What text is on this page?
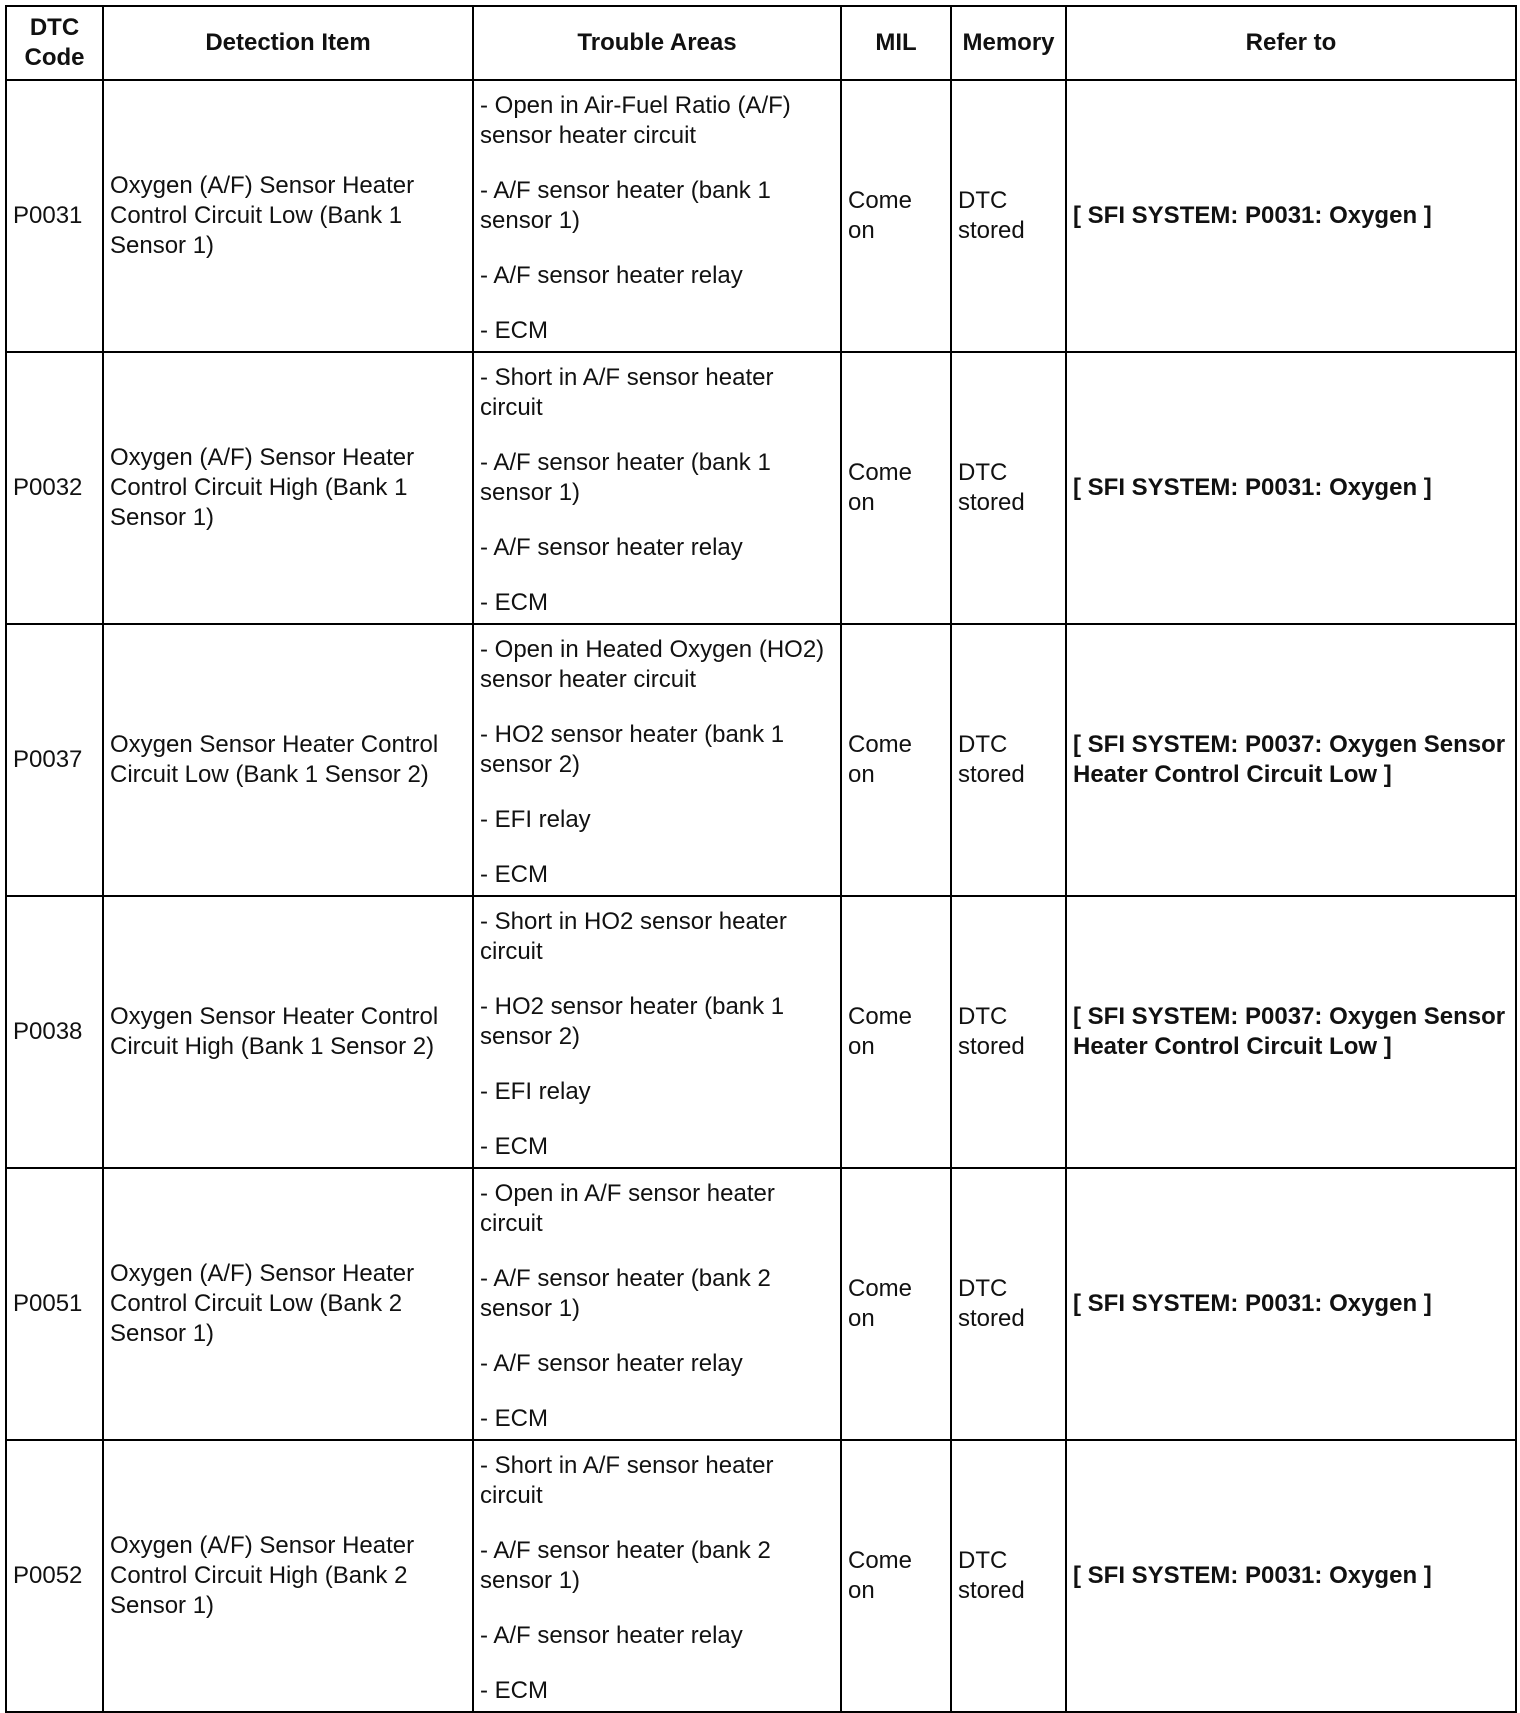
DTC Code	Detection Item	Trouble Areas	MIL	Memory	Refer to
P0031	Oxygen (A/F) Sensor Heater Control Circuit Low (Bank 1 Sensor 1)	- Open in Air-Fuel Ratio (A/F) sensor heater circuit
- A/F sensor heater (bank 1 sensor 1)
- A/F sensor heater relay
- ECM	Come on	DTC stored	[ SFI SYSTEM: P0031: Oxygen ]
P0032	Oxygen (A/F) Sensor Heater Control Circuit High (Bank 1 Sensor 1)	- Short in A/F sensor heater circuit
- A/F sensor heater (bank 1 sensor 1)
- A/F sensor heater relay
- ECM	Come on	DTC stored	[ SFI SYSTEM: P0031: Oxygen ]
P0037	Oxygen Sensor Heater Control Circuit Low (Bank 1 Sensor 2)	- Open in Heated Oxygen (HO2) sensor heater circuit
- HO2 sensor heater (bank 1 sensor 2)
- EFI relay
- ECM	Come on	DTC stored	[ SFI SYSTEM: P0037: Oxygen Sensor Heater Control Circuit Low ]
P0038	Oxygen Sensor Heater Control Circuit High (Bank 1 Sensor 2)	- Short in HO2 sensor heater circuit
- HO2 sensor heater (bank 1 sensor 2)
- EFI relay
- ECM	Come on	DTC stored	[ SFI SYSTEM: P0037: Oxygen Sensor Heater Control Circuit Low ]
P0051	Oxygen (A/F) Sensor Heater Control Circuit Low (Bank 2 Sensor 1)	- Open in A/F sensor heater circuit
- A/F sensor heater (bank 2 sensor 1)
- A/F sensor heater relay
- ECM	Come on	DTC stored	[ SFI SYSTEM: P0031: Oxygen ]
P0052	Oxygen (A/F) Sensor Heater Control Circuit High (Bank 2 Sensor 1)	- Short in A/F sensor heater circuit
- A/F sensor heater (bank 2 sensor 1)
- A/F sensor heater relay
- ECM	Come on	DTC stored	[ SFI SYSTEM: P0031: Oxygen ]
